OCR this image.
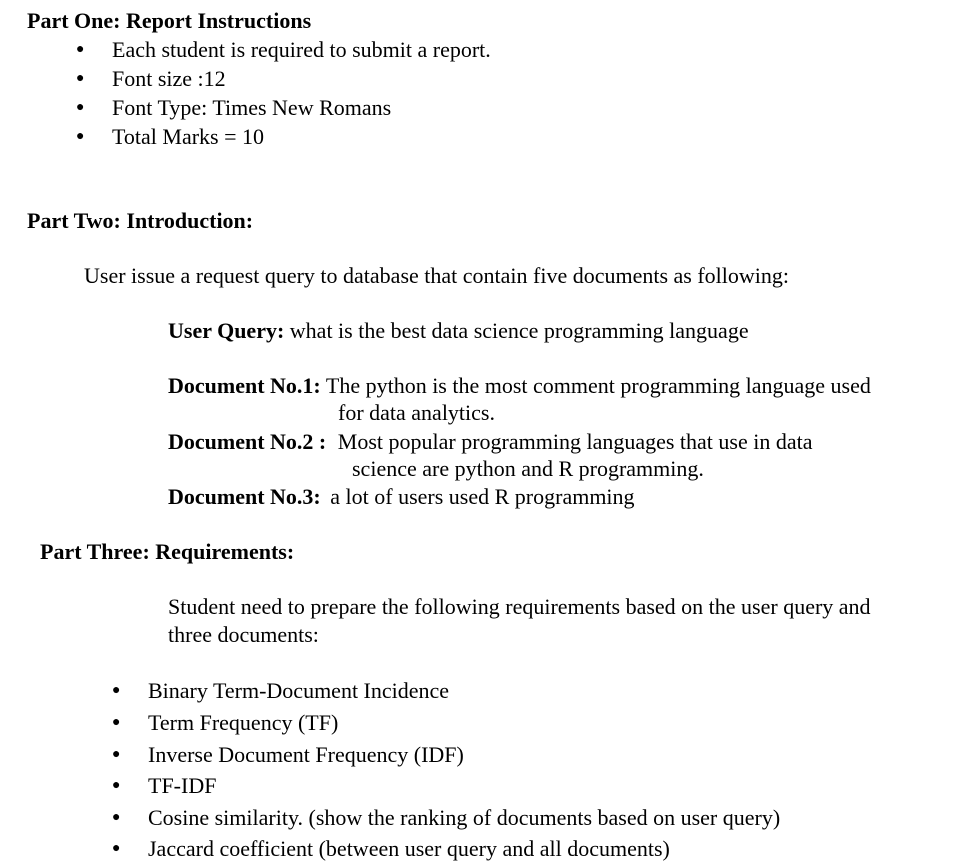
Part One: Report Instructions
● Each student is required to submit a report.
● Font size :12
● Font Type: Times New Romans
● Total Marks = 10
Part Two: Introduction:
User issue a request query to database that contain five documents as following:
User Query: what is the best data science programming language
Document No.1: The python is the most comment programming language used
for data analytics.
Document No.2 : Most popular programming languages that use in data
science are python and R programming.
Document No.3: a lot of users used R programming
Part Three: Requirements:
Student need to prepare the following requirements based on the user query and
three documents:
● Binary Term-Document Incidence
● Term Frequency (TF)
● Inverse Document Frequency (IDF)
● TF-IDF
● Cosine similarity. (show the ranking of documents based on user query)
● Jaccard coefficient (between user query and all documents)
